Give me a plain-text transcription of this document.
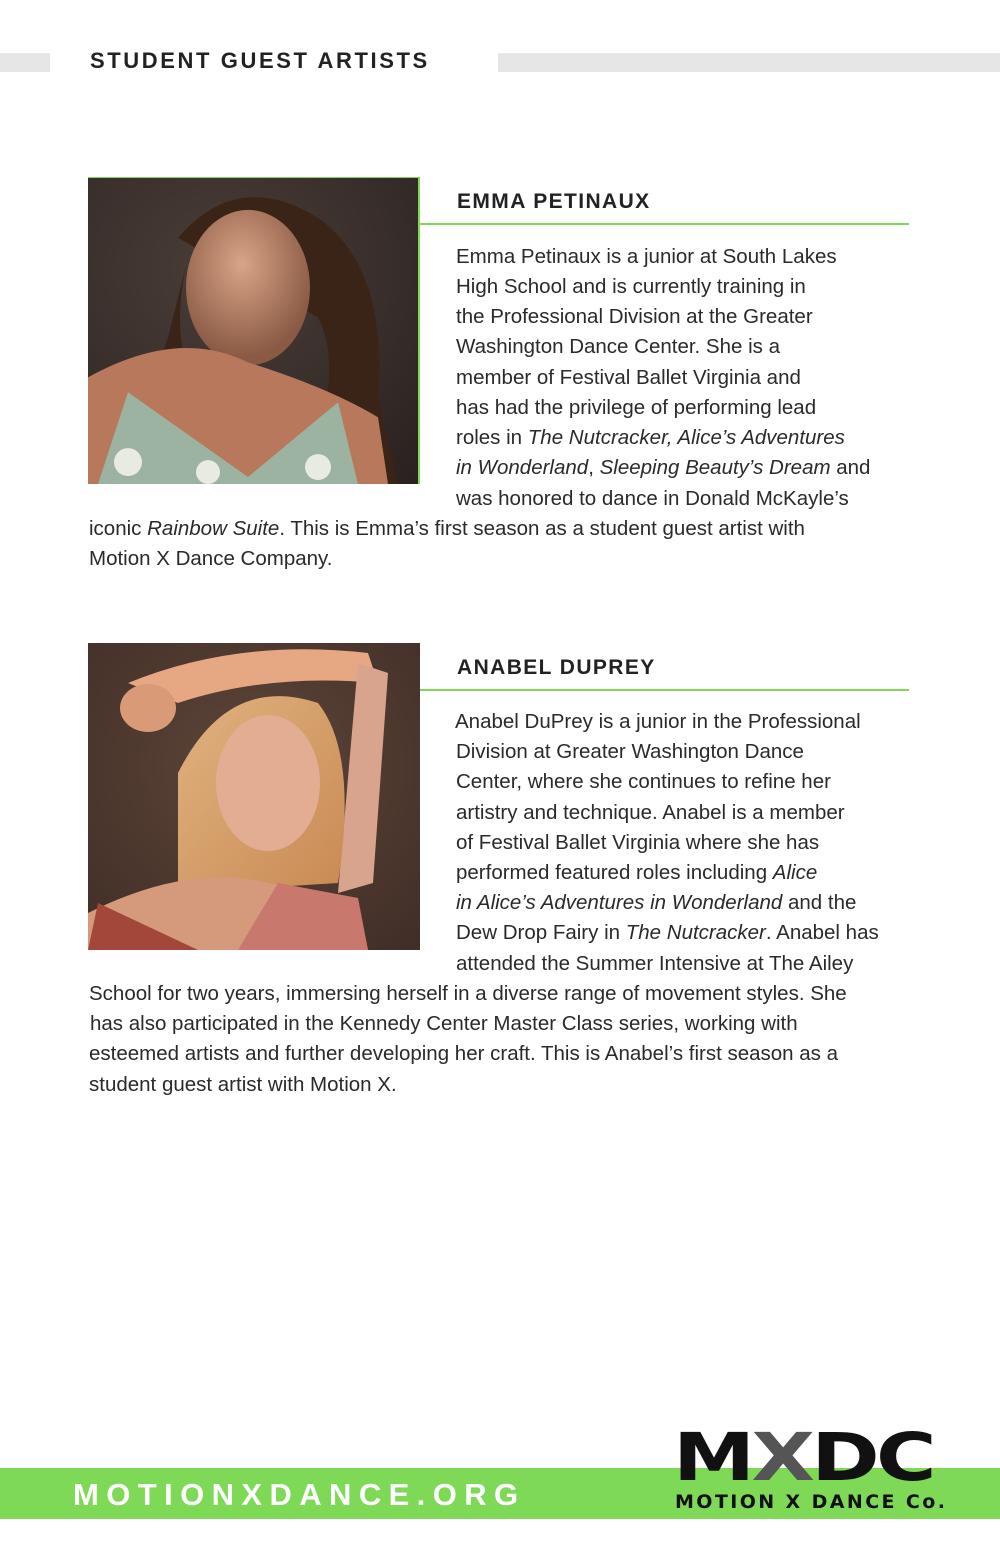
STUDENT GUEST ARTISTS
EMMA PETINAUX
Emma Petinaux is a junior at South Lakes
High School and is currently training in
the Professional Division at the Greater
Washington Dance Center. She is a
member of Festival Ballet Virginia and
has had the privilege of performing lead
roles in The Nutcracker, Alice’s Adventures
in Wonderland, Sleeping Beauty’s Dream and
was honored to dance in Donald McKayle’s
iconic Rainbow Suite. This is Emma’s first season as a student guest artist with
Motion X Dance Company.
ANABEL DUPREY
Anabel DuPrey is a junior in the Professional
Division at Greater Washington Dance
Center, where she continues to refine her
artistry and technique. Anabel is a member
of Festival Ballet Virginia where she has
performed featured roles including Alice
in Alice’s Adventures in Wonderland and the
Dew Drop Fairy in The Nutcracker. Anabel has
attended the Summer Intensive at The Ailey
School for two years, immersing herself in a diverse range of movement styles. She
has also participated in the Kennedy Center Master Class series, working with
esteemed artists and further developing her craft. This is Anabel’s first season as a
student guest artist with Motion X.
MOTIONXDANCE.ORG MXDC
MOTION X DANCE Co.
